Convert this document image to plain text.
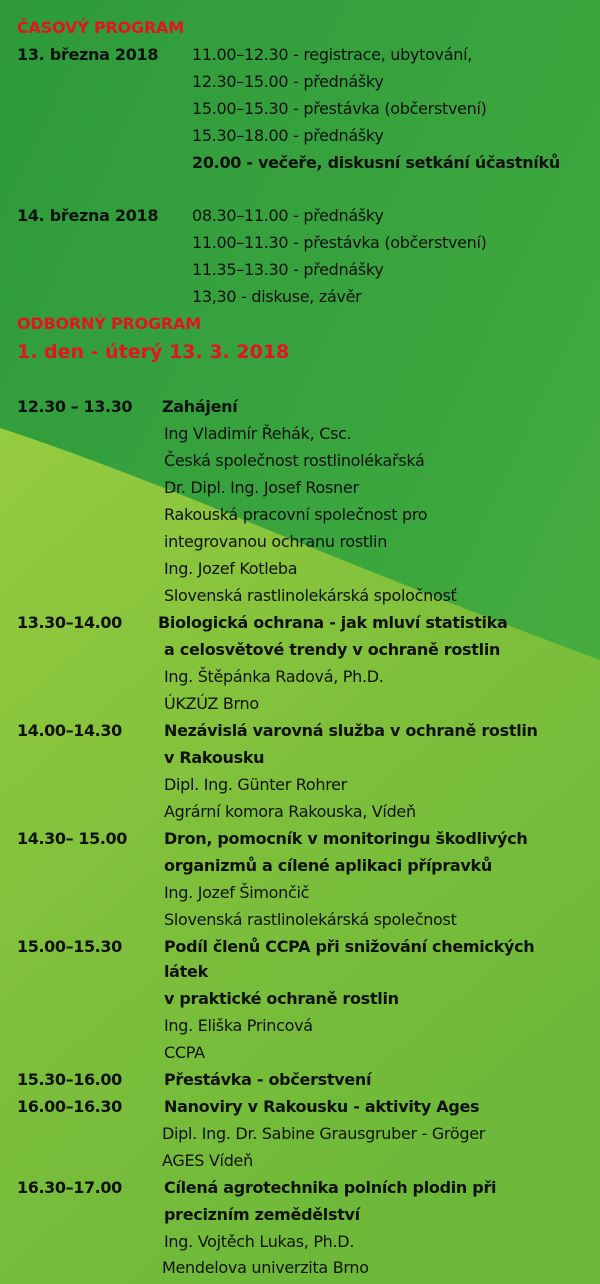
ČASOVÝ PROGRAM
13. března 2018 11.00–12.30 - registrace, ubytování,
12.30–15.00 - přednášky
15.00–15.30 - přestávka (občerstvení)
15.30–18.00 - přednášky
20.00 - večeře, diskusní setkání účastníků
14. března 2018 08.30–11.00 - přednášky
11.00–11.30 - přestávka (občerstvení)
11.35–13.30 - přednášky
13,30 - diskuse, závěr
ODBORNÝ PROGRAM
1. den - úterý 13. 3. 2018
12.30 – 13.30 Zahájení
Ing Vladimír Řehák, Csc.
Česká společnost rostlinolékařská
Dr. Dipl. Ing. Josef Rosner
Rakouská pracovní společnost pro
integrovanou ochranu rostlin
Ing. Jozef Kotleba
Slovenská rastlinolekárská spoločnosť
13.30–14.00 Biologická ochrana - jak mluví statistika
a celosvětové trendy v ochraně rostlin
Ing. Štěpánka Radová, Ph.D.
ÚKZÚZ Brno
14.00–14.30	Nezávislá varovná služba v ochraně rostlin
v Rakousku
Dipl. Ing. Günter Rohrer
Agrární komora Rakouska, Vídeň
14.30– 15.00 Dron, pomocník v monitoringu škodlivých
organizmů a cílené aplikaci přípravků
Ing. Jozef Šimončič
Slovenská rastlinolekárská společnost
15.00–15.30	Podíl členů CCPA při snižování chemických
látek
v praktické ochraně rostlin
Ing. Eliška Princová
CCPA
15.30–16.00	Přestávka - občerstvení
16.00–16.30	Nanoviry v Rakousku - aktivity Ages
Dipl. Ing. Dr. Sabine Grausgruber - Gröger
AGES Vídeň
16.30–17.00	Cílená agrotechnika polních plodin při
precizním zemědělství
Ing. Vojtěch Lukas, Ph.D.
Mendelova univerzita Brno
